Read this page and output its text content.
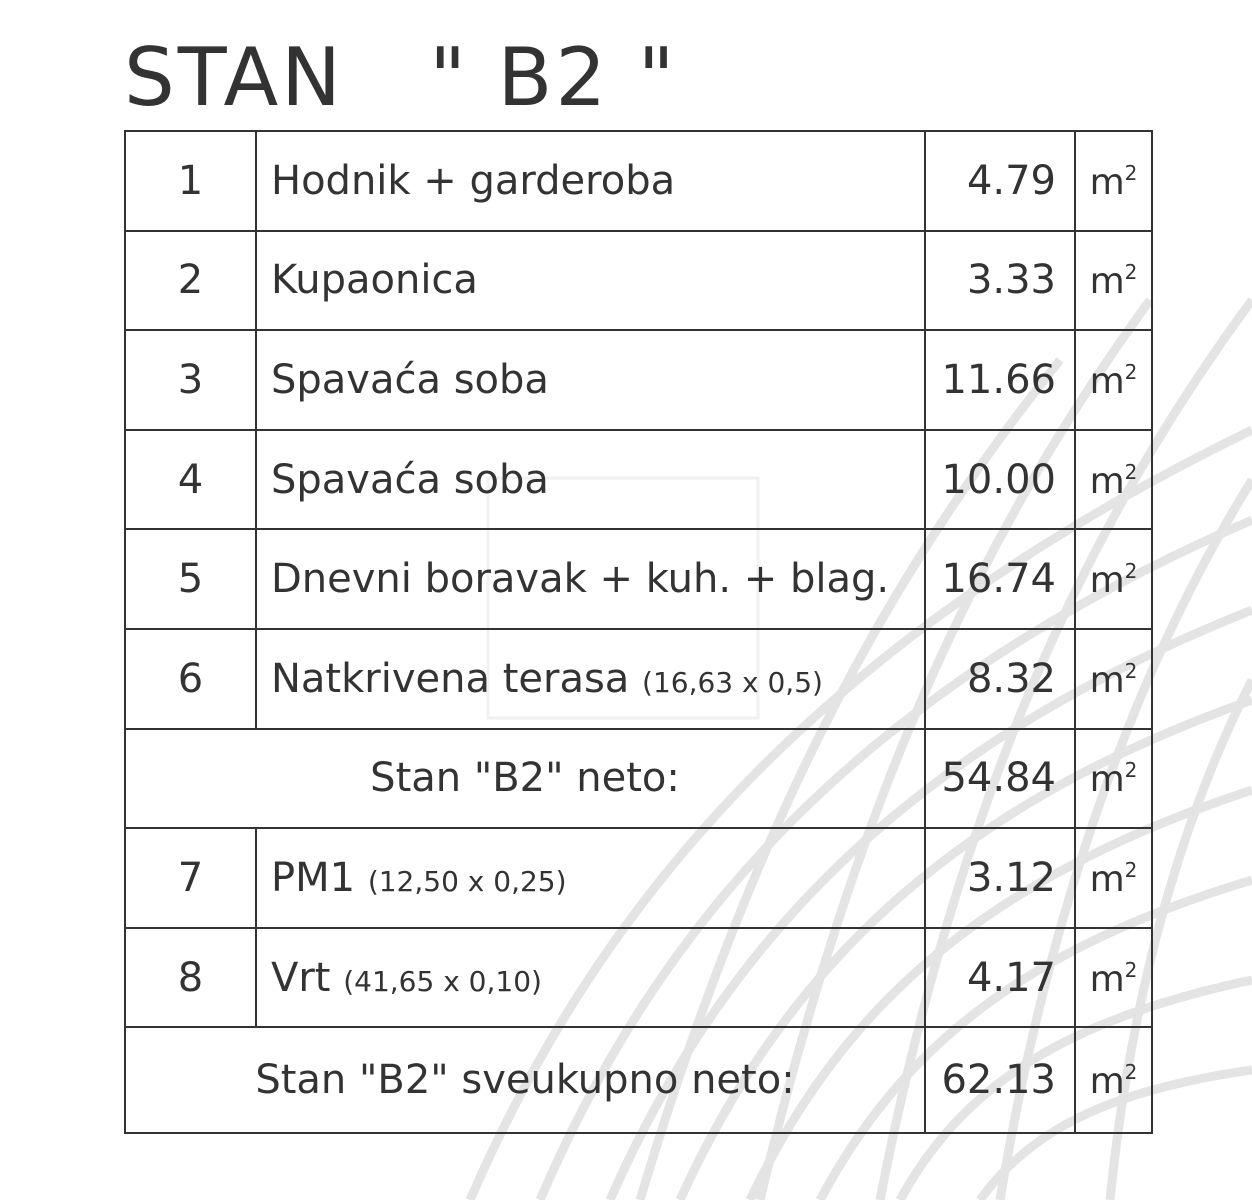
STAN   " B2 "
1	Hodnik + garderoba	4.79	$m^2$
2	Kupaonica	3.33	$m^2$
3	Spavaća soba	11.66	$m^2$
4	Spavaća soba	10.00	$m^2$
5	Dnevni boravak + kuh. + blag.	16.74	$m^2$
6	Natkrivena terasa (16,63 x 0,5)	8.32	$m^2$
Stan "B2" neto:		54.84	$m^2$
7	PM1 (12,50 x 0,25)	3.12	$m^2$
8	Vrt (41,65 x 0,10)	4.17	$m^2$
Stan "B2" sveukupno neto:		62.13	$m^2$
